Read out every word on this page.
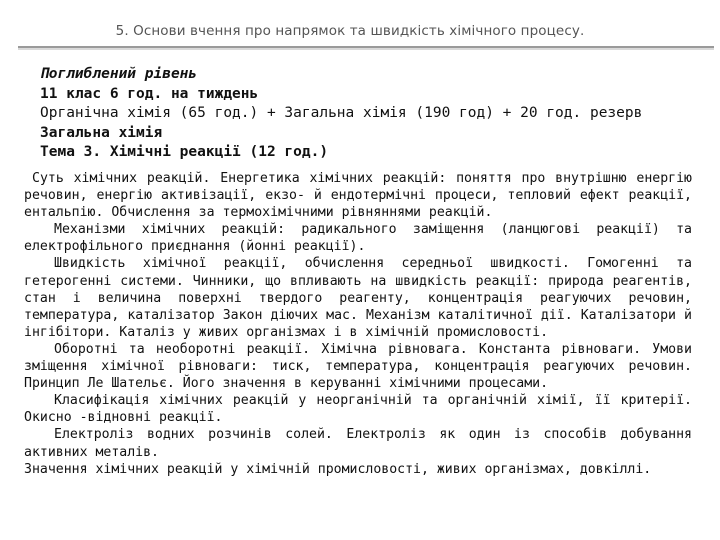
5. Основи вчення про напрямок та швидкість хімічного процесу.
Поглиблений рівень
11 клас 6 год. на тиждень
Органічна хімія (65 год.) + Загальна хімія (190 год) + 20 год. резерв
Загальна хімія
Тема 3. Хімічні реакції (12 год.)

Суть хімічних реакцій. Енергетика хімічних реакцій: поняття про внутрішню енергію речовин, енергію активізації, екзо- й ендотермічні процеси, тепловий ефект реакції, ентальпію. Обчислення за термохімічними рівняннями реакцій.

Механізми хімічних реакцій: радикального заміщення (ланцюгові реакції) та електрофільного приєднання (йонні реакції).

Швидкість хімічної реакції, обчислення середньої швидкості. Гомогенні та гетерогенні системи. Чинники, що впливають на швидкість реакції: природа реагентів, стан і величина поверхні твердого реагенту, концентрація реагуючих речовин, температура, каталізатор Закон діючих мас. Механізм каталітичної дії. Каталізатори й інгібітори. Каталіз у живих організмах і в хімічній промисловості.

Оборотні та необоротні реакції. Хімічна рівновага. Константа рівноваги. Умови зміщення хімічної рівноваги: тиск, температура, концентрація реагуючих речовин. Принцип Ле Шательє. Його значення в керуванні хімічними процесами.

Класифікація хімічних реакцій у неорганічній та органічній хімії, її критерії. Окисно -відновні реакції.

Електроліз водних розчинів солей. Електроліз як один із способів добування активних металів.

Значення хімічних реакцій у хімічній промисловості, живих організмах, довкіллі.
